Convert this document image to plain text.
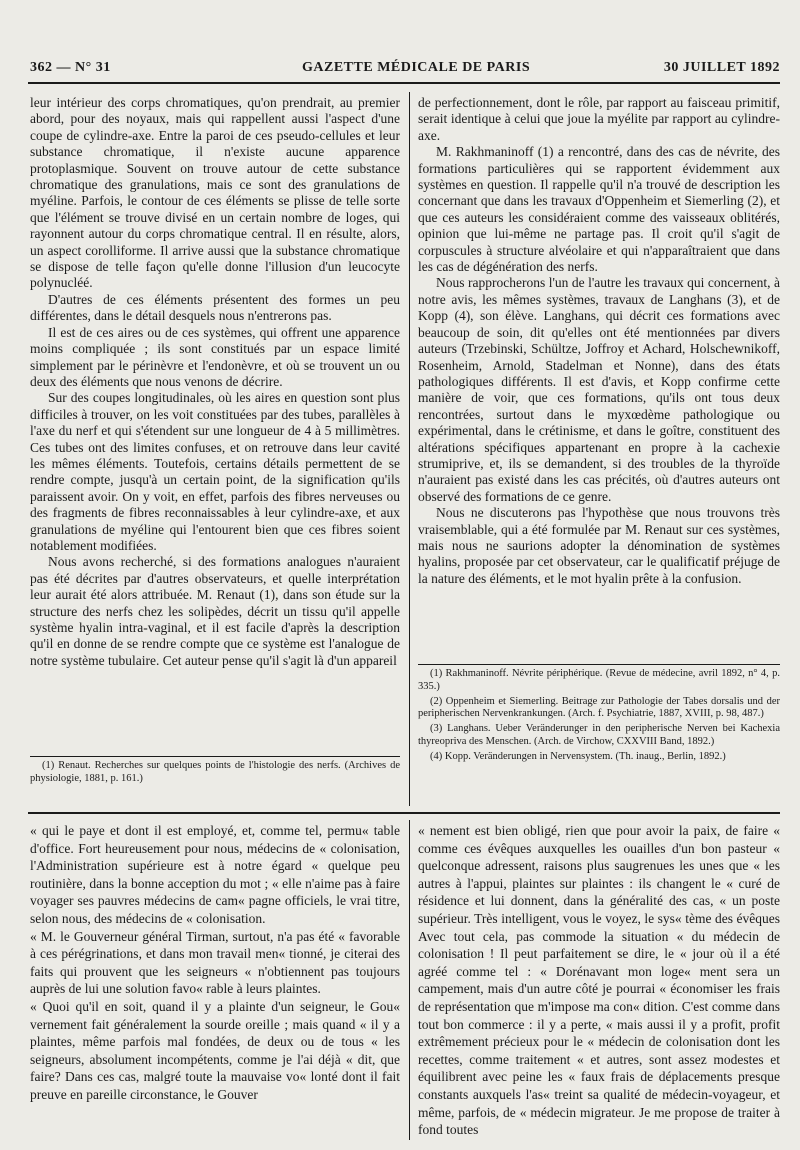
362 — N° 31	GAZETTE MÉDICALE DE PARIS	30 JUILLET 1892

leur intérieur des corps chromatiques, qu'on prendrait, au premier abord, pour des noyaux, mais qui rappellent aussi l'aspect d'une coupe de cylindre-axe. Entre la paroi de ces pseudo-cellules et leur substance chromatique, il n'existe aucune apparence protoplasmique. Souvent on trouve autour de cette substance chromatique des granulations, mais ce sont des granulations de myéline. Parfois, le contour de ces éléments se plisse de telle sorte que l'élément se trouve divisé en un certain nombre de loges, qui rayonnent autour du corps chromatique central. Il en résulte, alors, un aspect corolliforme. Il arrive aussi que la substance chromatique se dispose de telle façon qu'elle donne l'illusion d'un leucocyte polynucléé.

D'autres de ces éléments présentent des formes un peu différentes, dans le détail desquels nous n'entrerons pas.

Il est de ces aires ou de ces systèmes, qui offrent une apparence moins compliquée ; ils sont constitués par un espace limité simplement par le périnèvre et l'endonèvre, et où se trouvent un ou deux des éléments que nous venons de décrire.

Sur des coupes longitudinales, où les aires en question sont plus difficiles à trouver, on les voit constituées par des tubes, parallèles à l'axe du nerf et qui s'étendent sur une longueur de 4 à 5 millimètres. Ces tubes ont des limites confuses, et on retrouve dans leur cavité les mêmes éléments. Toutefois, certains détails permettent de se rendre compte, jusqu'à un certain point, de la signification qu'ils paraissent avoir. On y voit, en effet, parfois des fibres nerveuses ou des fragments de fibres reconnaissables à leur cylindre-axe, et aux granulations de myéline qui l'entourent bien que ces fibres soient notablement modifiées.

Nous avons recherché, si des formations analogues n'auraient pas été décrites par d'autres observateurs, et quelle interprétation leur aurait été alors attribuée. M. Renaut (1), dans son étude sur la structure des nerfs chez les solipèdes, décrit un tissu qu'il appelle système hyalin intra-vaginal, et il est facile d'après la description qu'il en donne de se rendre compte que ce système est l'analogue de notre système tubulaire. Cet auteur pense qu'il s'agit là d'un appareil

(1) Renaut. Recherches sur quelques points de l'histologie des nerfs. (Archives de physiologie, 1881, p. 161.)

de perfectionnement, dont le rôle, par rapport au faisceau primitif, serait identique à celui que joue la myélite par rapport au cylindre-axe.

M. Rakhmaninoff (1) a rencontré, dans des cas de névrite, des formations particulières qui se rapportent évidemment aux systèmes en question. Il rappelle qu'il n'a trouvé de description les concernant que dans les travaux d'Oppenheim et Siemerling (2), et que ces auteurs les considéraient comme des vaisseaux oblitérés, opinion que lui-même ne partage pas. Il croit qu'il s'agit de corpuscules à structure alvéolaire et qui n'apparaîtraient que dans les cas de dégénération des nerfs.

Nous rapprocherons l'un de l'autre les travaux qui concernent, à notre avis, les mêmes systèmes, travaux de Langhans (3), et de Kopp (4), son élève. Langhans, qui décrit ces formations avec beaucoup de soin, dit qu'elles ont été mentionnées par divers auteurs (Trzebinski, Schültze, Joffroy et Achard, Holschewnikoff, Rosenheim, Arnold, Stadelman et Nonne), dans des états pathologiques différents. Il est d'avis, et Kopp confirme cette manière de voir, que ces formations, qu'ils ont tous deux rencontrées, surtout dans le myxœdème pathologique ou expérimental, dans le crétinisme, et dans le goître, constituent des altérations spécifiques appartenant en propre à la cachexie strumiprive, et, ils se demandent, si des troubles de la thyroïde n'auraient pas existé dans les cas précités, où d'autres auteurs ont observé des formations de ce genre.

Nous ne discuterons pas l'hypothèse que nous trouvons très vraisemblable, qui a été formulée par M. Renaut sur ces systèmes, mais nous ne saurions adopter la dénomination de systèmes hyalins, proposée par cet observateur, car le qualificatif préjuge de la nature des éléments, et le mot hyalin prête à la confusion.

(1) Rakhmaninoff. Névrite périphérique. (Revue de médecine, avril 1892, n° 4, p. 335.)

(2) Oppenheim et Siemerling. Beitrage zur Pathologie der Tabes dorsalis und der peripherischen Nervenkrankungen. (Arch. f. Psychiatrie, 1887, XVIII, p. 98, 487.)

(3) Langhans. Ueber Veränderunger in den peripherische Nerven bei Kachexia thyreopriva des Menschen. (Arch. de Virchow, CXXVIII Band, 1892.)

(4) Kopp. Veränderungen in Nervensystem. (Th. inaug., Berlin, 1892.)

« qui le paye et dont il est employé, et, comme tel, permu« table d'office. Fort heureusement pour nous, médecins de « colonisation, l'Administration supérieure est à notre égard « quelque peu routinière, dans la bonne acception du mot ; « elle n'aime pas à faire voyager ses pauvres médecins de cam« pagne officiels, le vrai titre, selon nous, des médecins de « colonisation.

« M. le Gouverneur général Tirman, surtout, n'a pas été « favorable à ces pérégrinations, et dans mon travail men« tionné, je citerai des faits qui prouvent que les seigneurs « n'obtiennent pas toujours auprès de lui une solution favo« rable à leurs plaintes.

« Quoi qu'il en soit, quand il y a plainte d'un seigneur, le Gou« vernement fait généralement la sourde oreille ; mais quand « il y a plaintes, même parfois mal fondées, de deux ou de tous « les seigneurs, absolument incompétents, comme je l'ai déjà « dit, que faire? Dans ces cas, malgré toute la mauvaise vo« lonté dont il fait preuve en pareille circonstance, le Gouver

« nement est bien obligé, rien que pour avoir la paix, de faire « comme ces évêques auxquelles les ouailles d'un bon pasteur « quelconque adressent, raisons plus saugrenues les unes que « les autres à l'appui, plaintes sur plaintes : ils changent le « curé de résidence et lui donnent, dans la généralité des cas, « un poste supérieur. Très intelligent, vous le voyez, le sys« tème des évêques Avec tout cela, pas commode la situation « du médecin de colonisation ! Il peut parfaitement se dire, le « jour où il a été agréé comme tel : « Dorénavant mon loge« ment sera un campement, mais d'un autre côté je pourrai « économiser les frais de représentation que m'impose ma con« dition. C'est comme dans tout bon commerce : il y a perte, « mais aussi il y a profit, profit extrêmement précieux pour le « médecin de colonisation dont les recettes, comme traitement « et autres, sont assez modestes et équilibrent avec peine les « faux frais de déplacements presque constants auxquels l'as« treint sa qualité de médecin-voyageur, et même, parfois, de « médecin migrateur. Je me propose de traiter à fond toutes
